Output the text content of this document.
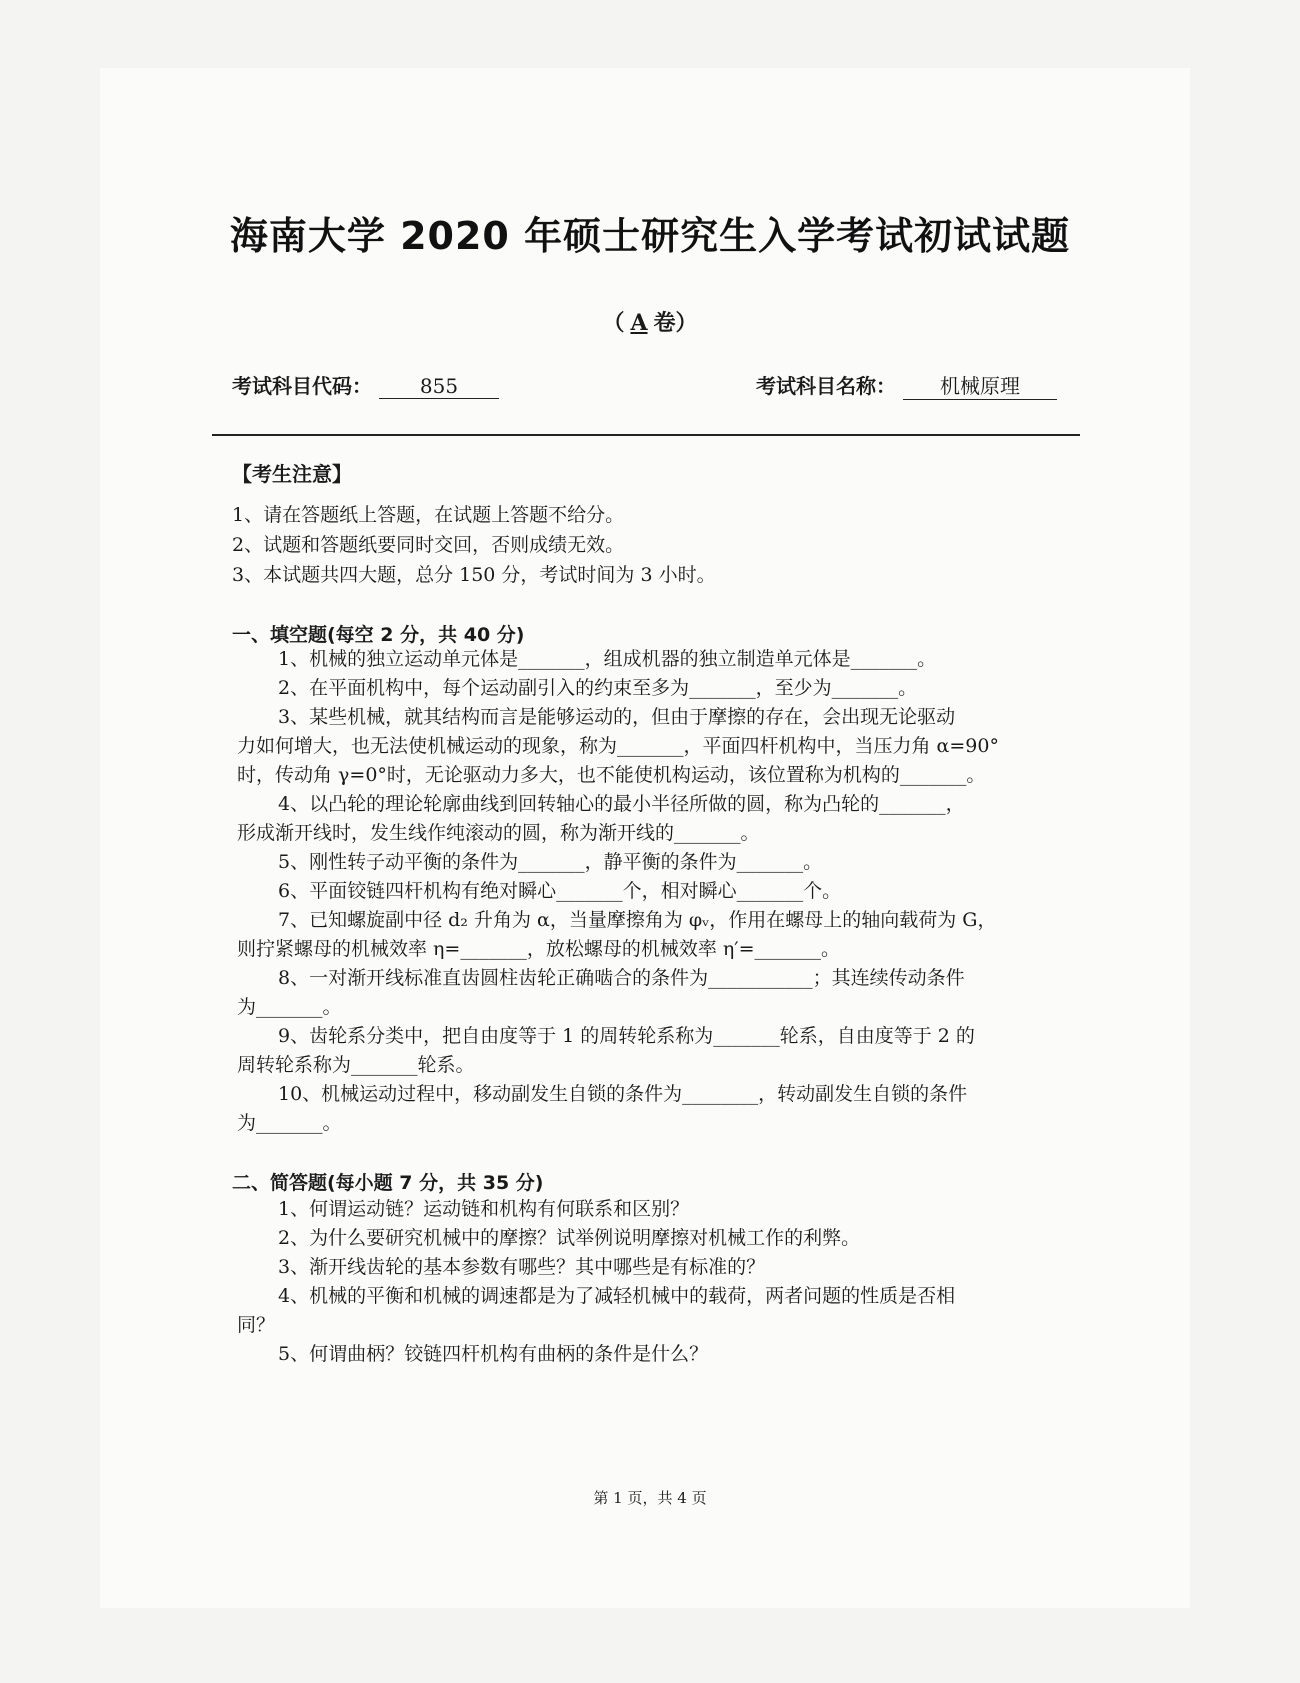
海南大学 2020 年硕士研究生入学考试初试试题
（ A 卷）
考试科目代码： 855	考试科目名称： 机械原理
【考生注意】
1、请在答题纸上答题，在试题上答题不给分。
2、试题和答题纸要同时交回，否则成绩无效。
3、本试题共四大题，总分 150 分，考试时间为 3 小时。
一、填空题(每空 2 分，共 40 分)
1、机械的独立运动单元体是_______，组成机器的独立制造单元体是_______。
2、在平面机构中，每个运动副引入的约束至多为_______，至少为_______。
3、某些机械，就其结构而言是能够运动的，但由于摩擦的存在，会出现无论驱动
力如何增大，也无法使机械运动的现象，称为_______，平面四杆机构中，当压力角 α=90°
时，传动角 γ=0°时，无论驱动力多大，也不能使机构运动，该位置称为机构的_______。
4、以凸轮的理论轮廓曲线到回转轴心的最小半径所做的圆，称为凸轮的_______，
形成渐开线时，发生线作纯滚动的圆，称为渐开线的_______。
5、刚性转子动平衡的条件为_______，静平衡的条件为_______。
6、平面铰链四杆机构有绝对瞬心_______个，相对瞬心_______个。
7、已知螺旋副中径 d₂ 升角为 α，当量摩擦角为 φᵥ，作用在螺母上的轴向载荷为 G，
则拧紧螺母的机械效率 η=_______，放松螺母的机械效率 η′=_______。
8、一对渐开线标准直齿圆柱齿轮正确啮合的条件为___________；其连续传动条件
为_______。
9、齿轮系分类中，把自由度等于 1 的周转轮系称为_______轮系，自由度等于 2 的
周转轮系称为_______轮系。
10、机械运动过程中，移动副发生自锁的条件为________，转动副发生自锁的条件
为_______。
二、简答题(每小题 7 分，共 35 分)
1、何谓运动链？运动链和机构有何联系和区别？
2、为什么要研究机械中的摩擦？试举例说明摩擦对机械工作的利弊。
3、渐开线齿轮的基本参数有哪些？其中哪些是有标准的？
4、机械的平衡和机械的调速都是为了减轻机械中的载荷，两者问题的性质是否相
同？
5、何谓曲柄？铰链四杆机构有曲柄的条件是什么？
第 1 页，共 4 页
